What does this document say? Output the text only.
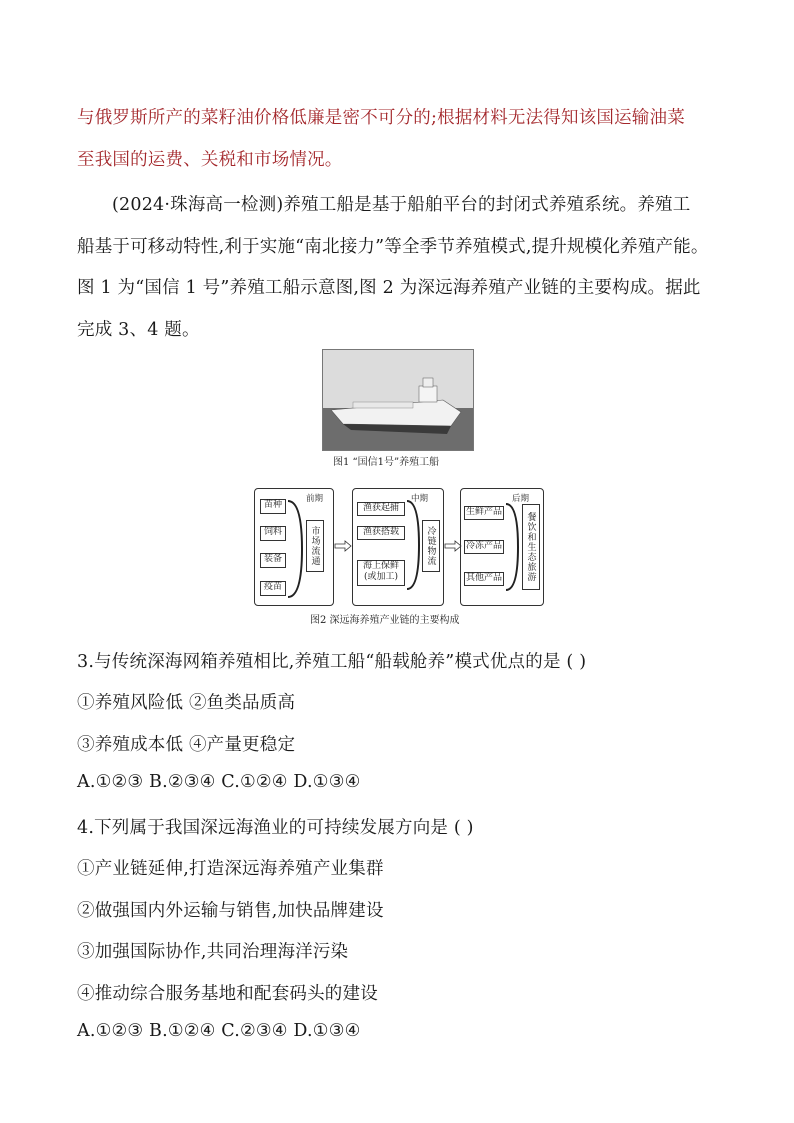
与俄罗斯所产的菜籽油价格低廉是密不可分的;根据材料无法得知该国运输油菜
至我国的运费、关税和市场情况。
(2024·珠海高一检测)养殖工船是基于船舶平台的封闭式养殖系统。养殖工
船基于可移动特性,利于实施“南北接力”等全季节养殖模式,提升规模化养殖产能。
图 1 为“国信 1 号”养殖工船示意图,图 2 为深远海养殖产业链的主要构成。据此
完成 3、4 题。
图1 “国信1号”养殖工船
前期
苗种
饲料
装备
疫苗
市场流通
中期
渔获起捕
渔获搭载
海上保鲜
(或加工)
冷链物流
后期
生鲜产品
冷冻产品
其他产品	餐饮和生态旅游
图2 深远海养殖产业链的主要构成
3.与传统深海网箱养殖相比,养殖工船“船载舱养”模式优点的是 ( )
①养殖风险低 ②鱼类品质高
③养殖成本低 ④产量更稳定
A.①②③ B.②③④ C.①②④ D.①③④
4.下列属于我国深远海渔业的可持续发展方向是 ( )
①产业链延伸,打造深远海养殖产业集群
②做强国内外运输与销售,加快品牌建设
③加强国际协作,共同治理海洋污染
④推动综合服务基地和配套码头的建设
A.①②③ B.①②④ C.②③④ D.①③④
